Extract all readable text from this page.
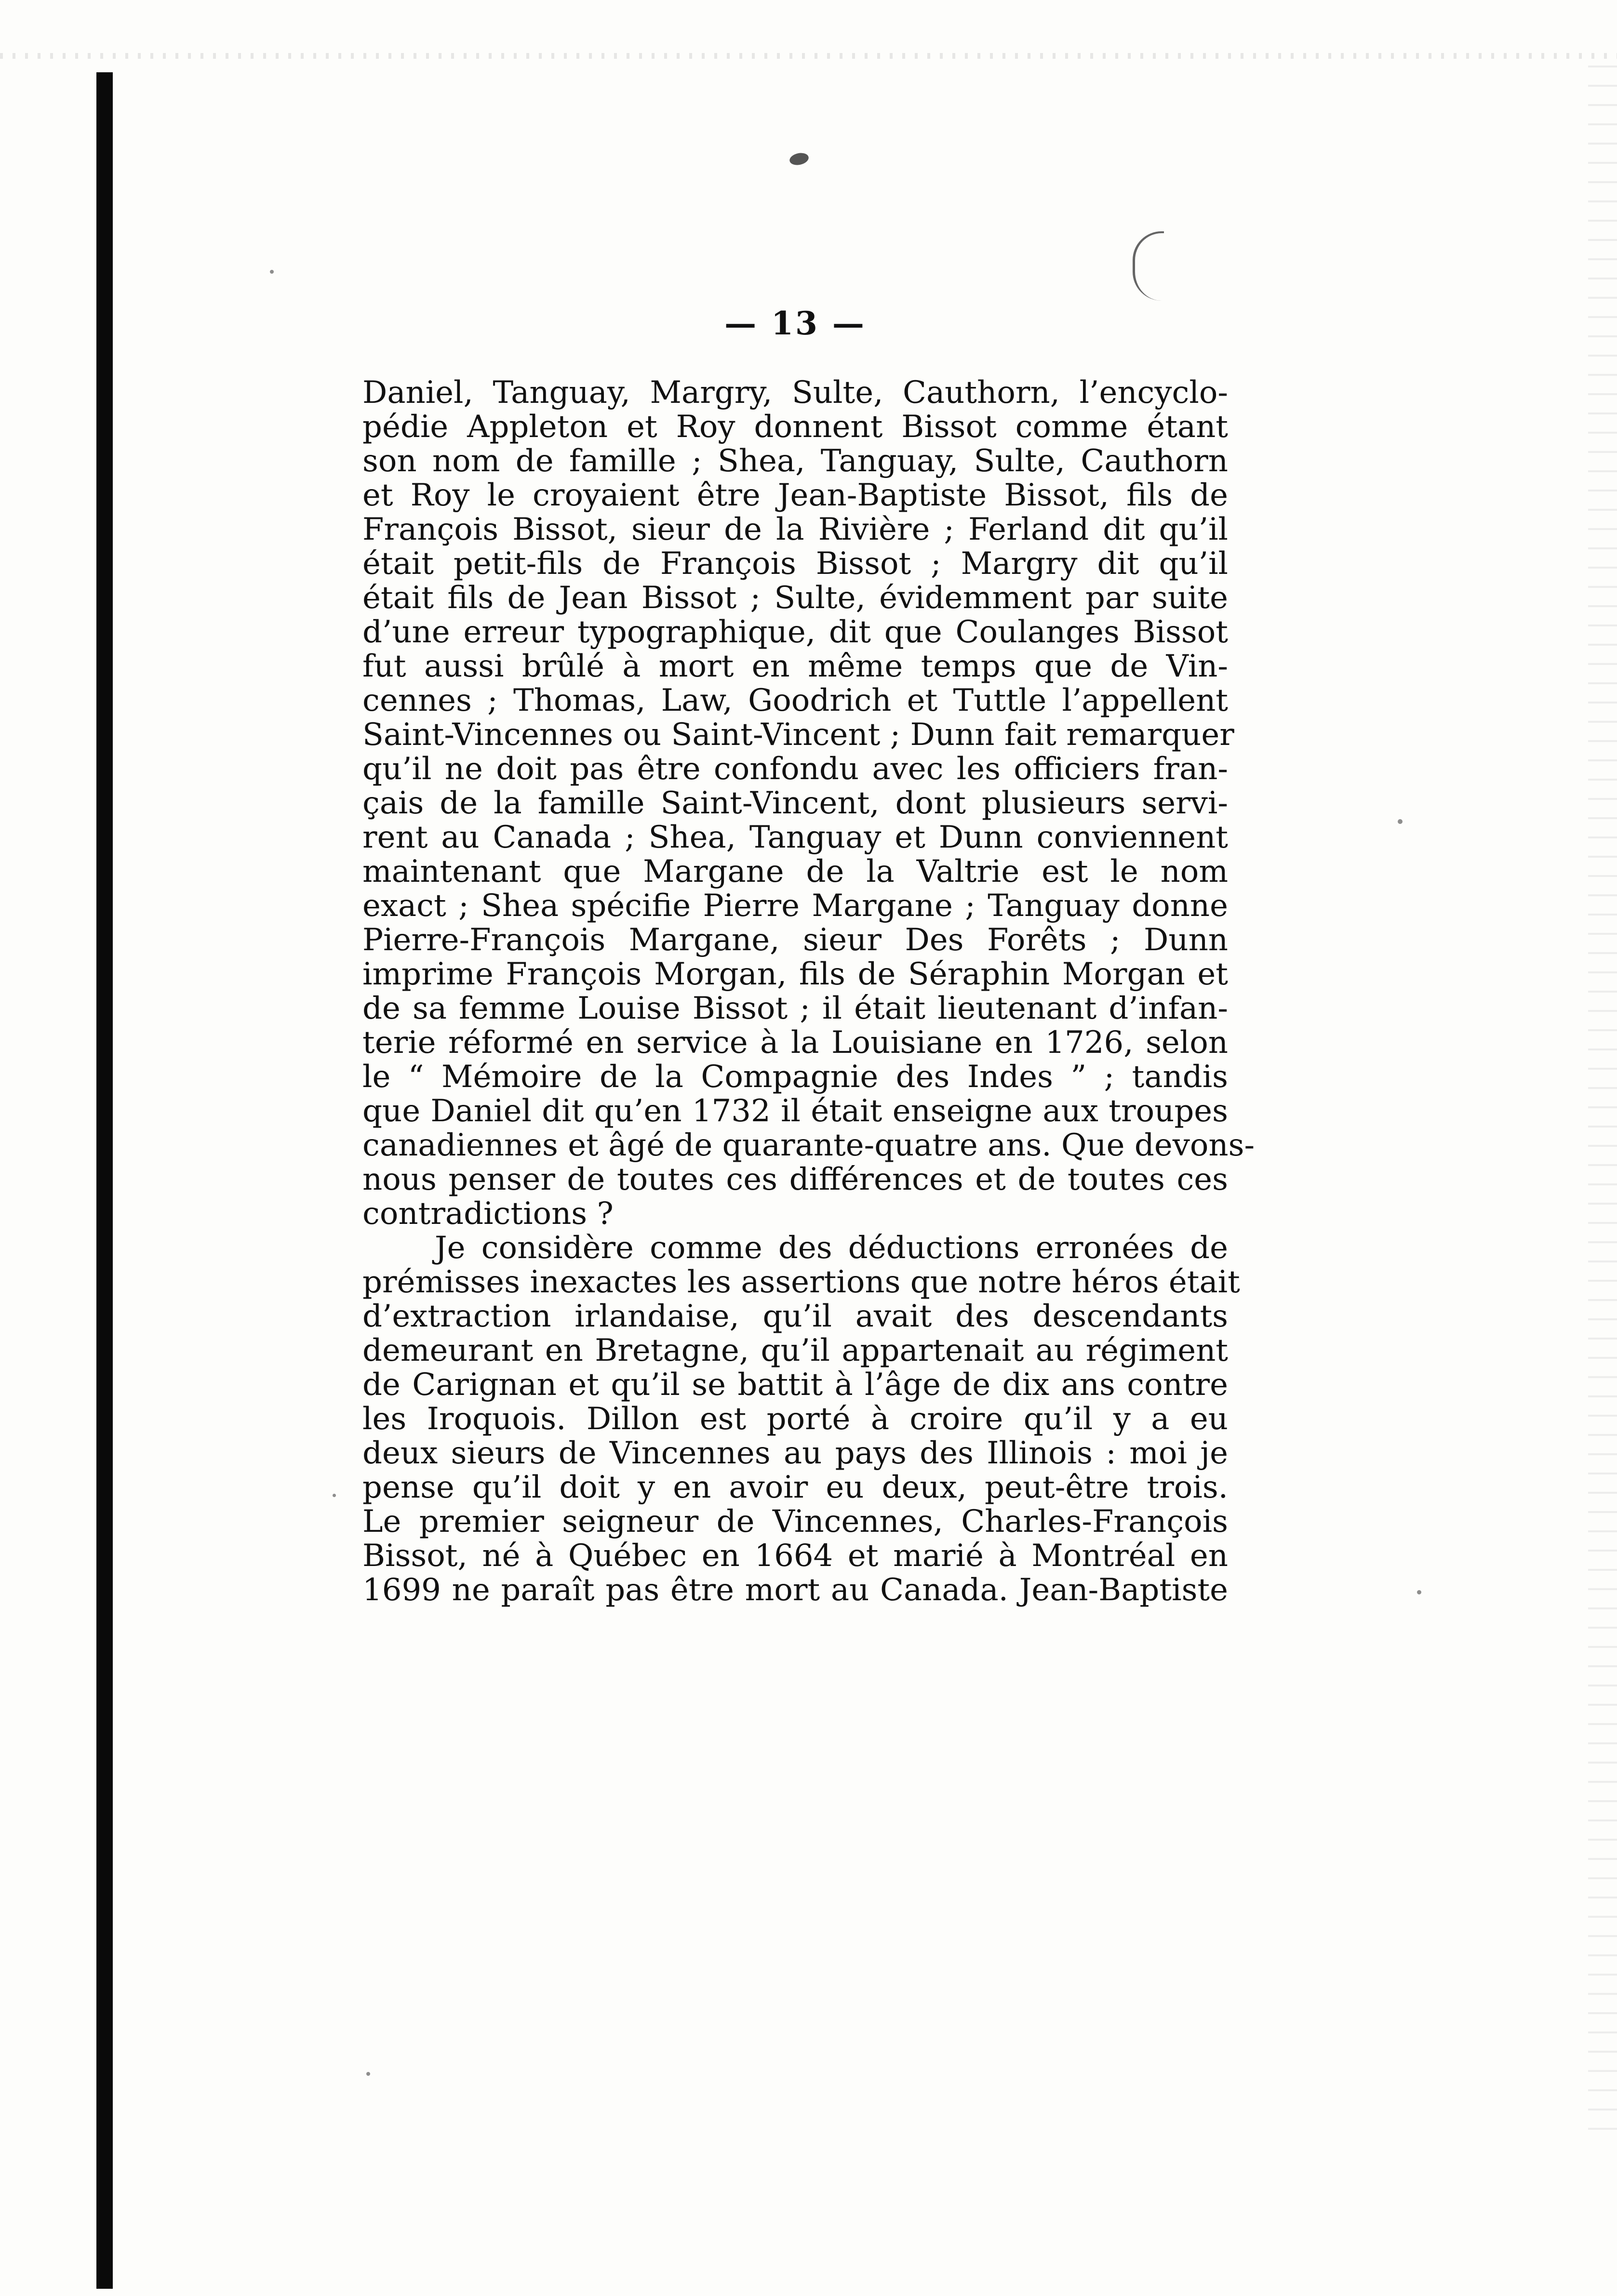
— 13 —
Daniel, Tanguay, Margry, Sulte, Cauthorn, l’encyclo-
pédie Appleton et Roy donnent Bissot comme étant
son nom de famille ; Shea, Tanguay, Sulte, Cauthorn
et Roy le croyaient être Jean-Baptiste Bissot, fils de
François Bissot, sieur de la Rivière ; Ferland dit qu’il
était petit-fils de François Bissot ; Margry dit qu’il
était fils de Jean Bissot ; Sulte, évidemment par suite
d’une erreur typographique, dit que Coulanges Bissot
fut aussi brûlé à mort en même temps que de Vin-
cennes ; Thomas, Law, Goodrich et Tuttle l’appellent
Saint-Vincennes ou Saint-Vincent ; Dunn fait remarquer
qu’il ne doit pas être confondu avec les officiers fran-
çais de la famille Saint-Vincent, dont plusieurs servi-
rent au Canada ; Shea, Tanguay et Dunn conviennent
maintenant que Margane de la Valtrie est le nom
exact ; Shea spécifie Pierre Margane ; Tanguay donne
Pierre-François Margane, sieur Des Forêts ; Dunn
imprime François Morgan, fils de Séraphin Morgan et
de sa femme Louise Bissot ; il était lieutenant d’infan-
terie réformé en service à la Louisiane en 1726, selon
le “ Mémoire de la Compagnie des Indes ” ; tandis
que Daniel dit qu’en 1732 il était enseigne aux troupes
canadiennes et âgé de quarante-quatre ans. Que devons-
nous penser de toutes ces différences et de toutes ces
contradictions ?
Je considère comme des déductions erronées de
prémisses inexactes les assertions que notre héros était
d’extraction irlandaise, qu’il avait des descendants
demeurant en Bretagne, qu’il appartenait au régiment
de Carignan et qu’il se battit à l’âge de dix ans contre
les Iroquois. Dillon est porté à croire qu’il y a eu
deux sieurs de Vincennes au pays des Illinois : moi je
pense qu’il doit y en avoir eu deux, peut-être trois.
Le premier seigneur de Vincennes, Charles-François
Bissot, né à Québec en 1664 et marié à Montréal en
1699 ne paraît pas être mort au Canada. Jean-Baptiste
